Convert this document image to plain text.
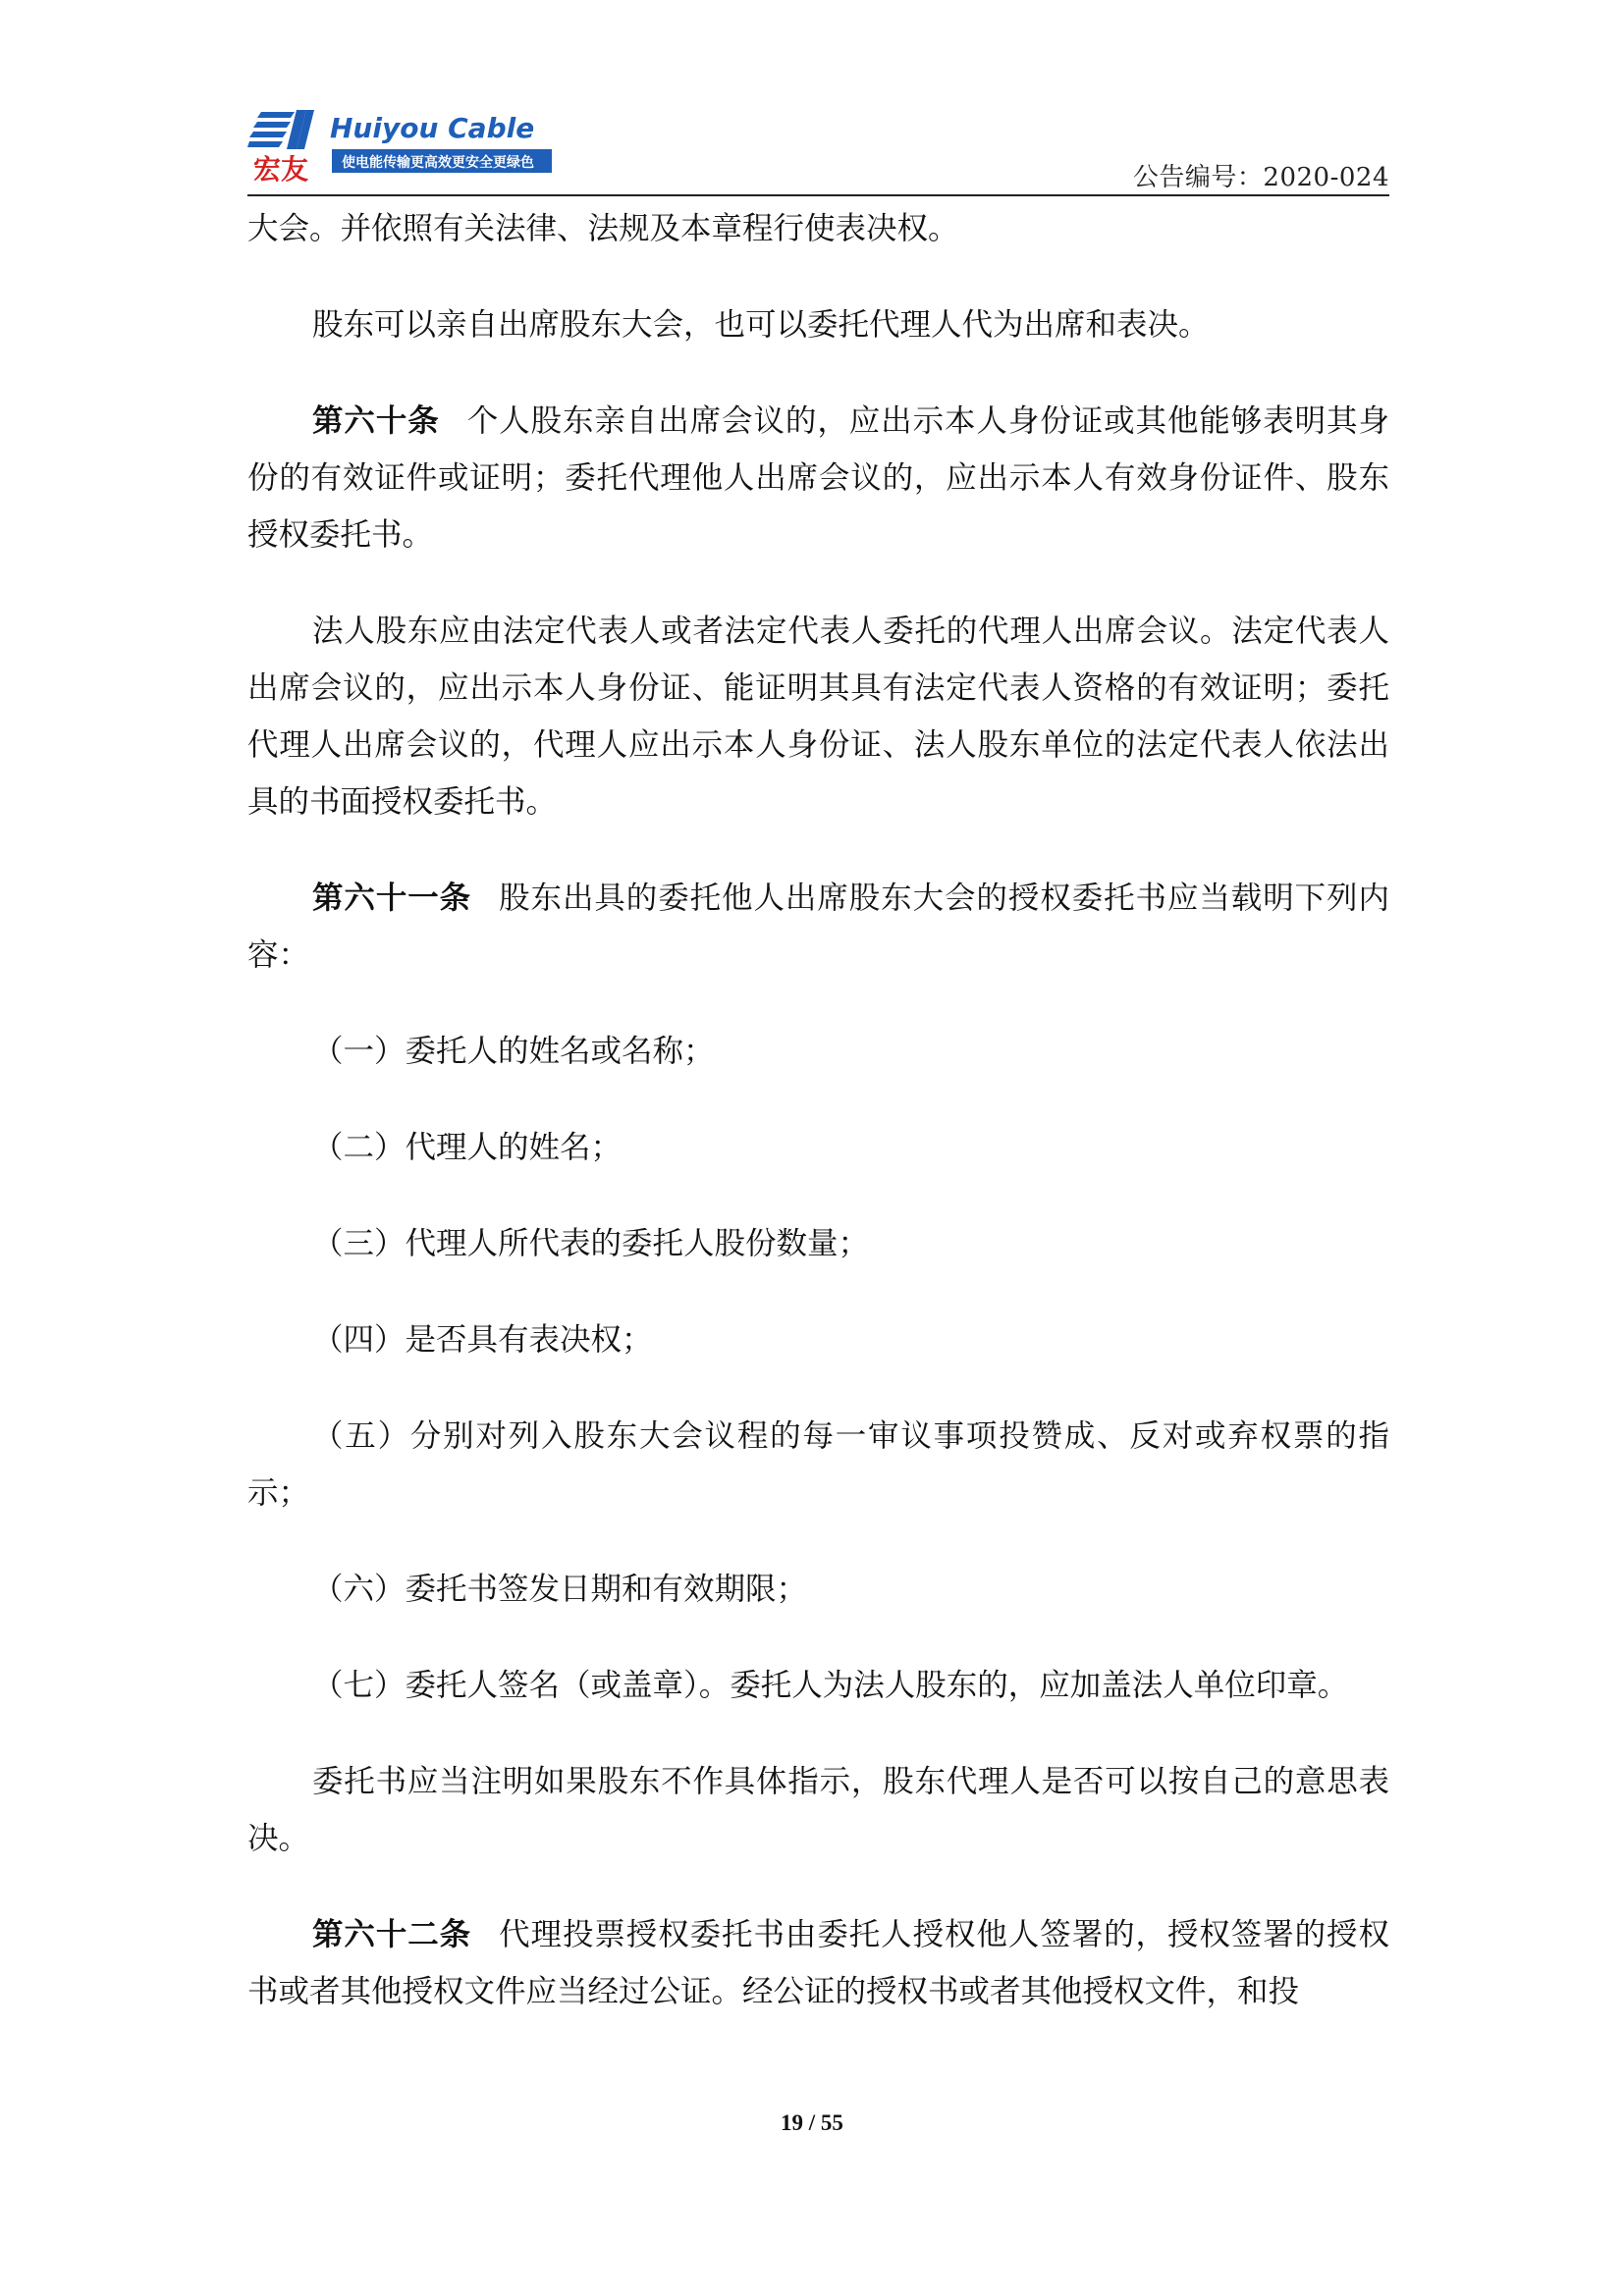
宏友
Huiyou Cable
使电能传输更高效更安全更绿色	公告编号：2020-024

大会。并依照有关法律、法规及本章程行使表决权。

股东可以亲自出席股东大会，也可以委托代理人代为出席和表决。

第六十条 个人股东亲自出席会议的，应出示本人身份证或其他能够表明其身份的有效证件或证明；委托代理他人出席会议的，应出示本人有效身份证件、股东授权委托书。

法人股东应由法定代表人或者法定代表人委托的代理人出席会议。法定代表人出席会议的，应出示本人身份证、能证明其具有法定代表人资格的有效证明；委托代理人出席会议的，代理人应出示本人身份证、法人股东单位的法定代表人依法出具的书面授权委托书。

第六十一条 股东出具的委托他人出席股东大会的授权委托书应当载明下列内容：

（一）委托人的姓名或名称；

（二）代理人的姓名；

（三）代理人所代表的委托人股份数量；

（四）是否具有表决权；

（五）分别对列入股东大会议程的每一审议事项投赞成、反对或弃权票的指示；

（六）委托书签发日期和有效期限；

（七）委托人签名（或盖章）。委托人为法人股东的，应加盖法人单位印章。

委托书应当注明如果股东不作具体指示，股东代理人是否可以按自己的意思表决。

第六十二条 代理投票授权委托书由委托人授权他人签署的，授权签署的授权书或者其他授权文件应当经过公证。经公证的授权书或者其他授权文件，和投

19 / 55
